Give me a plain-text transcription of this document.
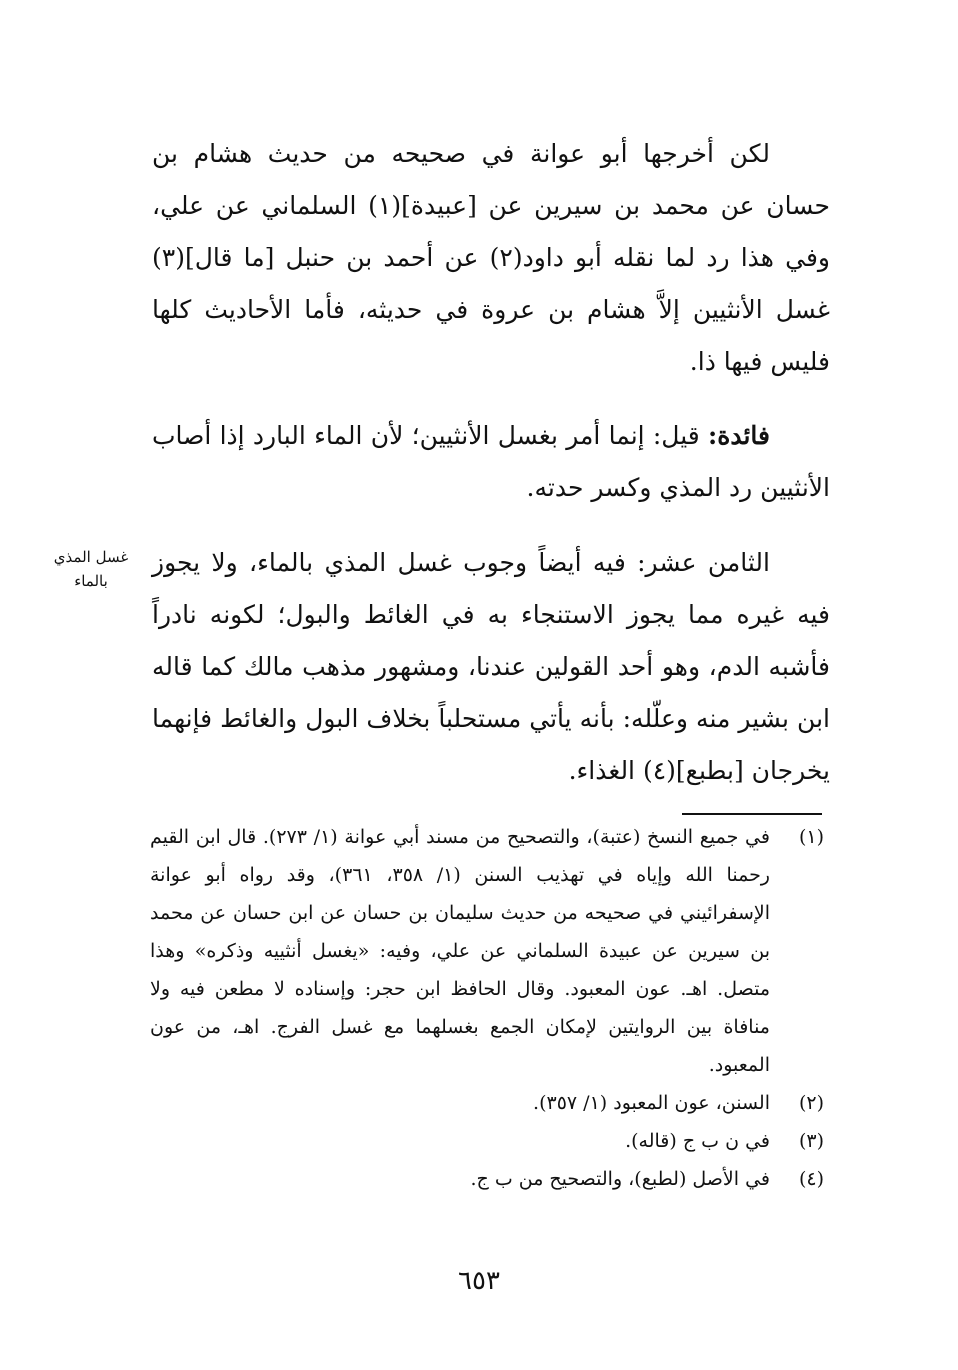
لكن أخرجها أبو عوانة في صحيحه من حديث هشام بن حسان عن محمد بن سيرين عن [عبيدة](١) السلماني عن علي، وفي هذا رد لما نقله أبو داود(٢) عن أحمد بن حنبل [ما قال](٣) غسل الأنثيين إلاَّ هشام بن عروة في حديثه، فأما الأحاديث كلها فليس فيها ذا.

فائدة: قيل: إنما أمر بغسل الأنثيين؛ لأن الماء البارد إذا أصاب الأنثيين رد المذي وكسر حدته.

الثامن عشر: فيه أيضاً وجوب غسل المذي بالماء، ولا يجوز فيه غيره مما يجوز الاستنجاء به في الغائط والبول؛ لكونه نادراً فأشبه الدم، وهو أحد القولين عندنا، ومشهور مذهب مالك كما قاله ابن بشير منه وعلّله: بأنه يأتي مستحلباً بخلاف البول والغائط فإنهما يخرجان [بطبع](٤) الغذاء.

غسل المذي
بالماء
(١)
في جميع النسخ (عتبة)، والتصحيح من مسند أبي عوانة (١/ ٢٧٣). قال ابن القيم رحمنا الله وإياه في تهذيب السنن (١/ ٣٥٨، ٣٦١)، وقد رواه أبو عوانة الإسفرائيني في صحيحه من حديث سليمان بن حسان عن ابن حسان عن محمد بن سيرين عن عبيدة السلماني عن علي، وفيه: «يغسل أنثييه وذكره» وهذا متصل. اهـ. عون المعبود. وقال الحافظ ابن حجر: وإسناده لا مطعن فيه ولا منافاة بين الروايتين لإمكان الجمع بغسلهما مع غسل الفرج. اهـ، من عون المعبود.
(٢)
السنن، عون المعبود (١/ ٣٥٧).
(٣)
في ن ب ج (قاله).
(٤)
في الأصل (لطبع)، والتصحيح من ب ج.
٦٥٣
